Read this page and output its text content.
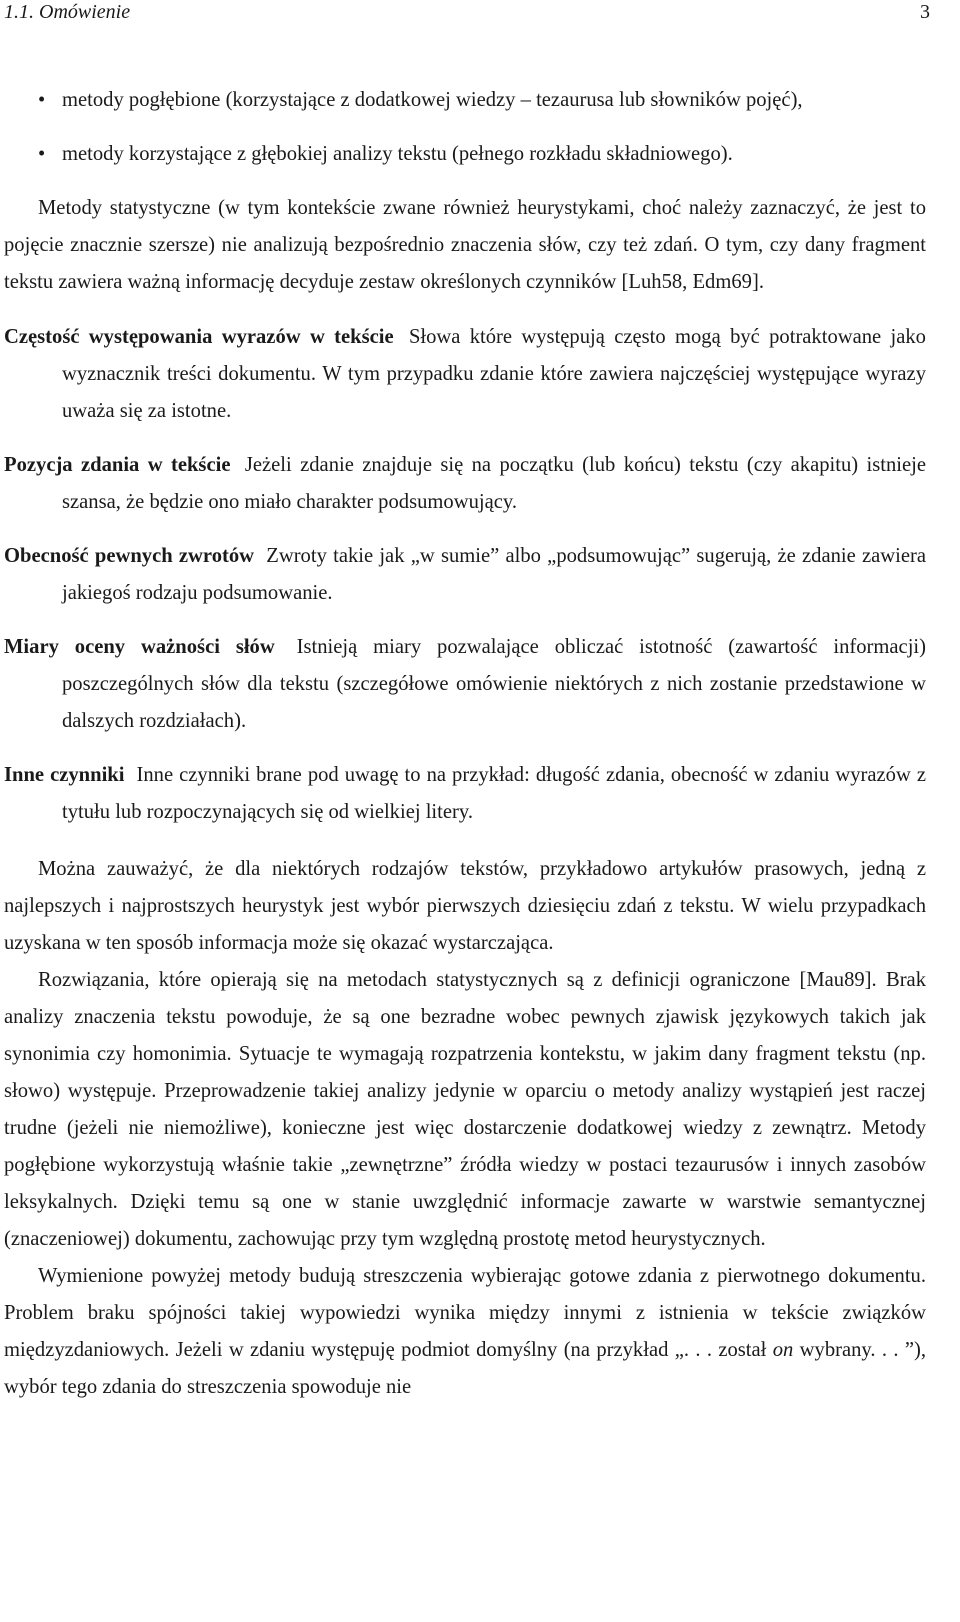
1.1. Omówienie	3
• metody pogłębione (korzystające z dodatkowej wiedzy – tezaurusa lub słowników pojęć),
• metody korzystające z głębokiej analizy tekstu (pełnego rozkładu składniowego).

Metody statystyczne (w tym kontekście zwane również heurystykami, choć należy zaznaczyć, że jest to pojęcie znacznie szersze) nie analizują bezpośrednio znaczenia słów, czy też zdań. O tym, czy dany fragment tekstu zawiera ważną informację decyduje zestaw określonych czynników [Luh58, Edm69].

Częstość występowania wyrazów w tekście Słowa które występują często mogą być potraktowane jako wyznacznik treści dokumentu. W tym przypadku zdanie które zawiera najczęściej występujące wyrazy uważa się za istotne.
Pozycja zdania w tekście Jeżeli zdanie znajduje się na początku (lub końcu) tekstu (czy akapitu) istnieje szansa, że będzie ono miało charakter podsumowujący.
Obecność pewnych zwrotów Zwroty takie jak „w sumie” albo „podsumowując” sugerują, że zdanie zawiera jakiegoś rodzaju podsumowanie.
Miary oceny ważności słów Istnieją miary pozwalające obliczać istotność (zawartość informacji) poszczególnych słów dla tekstu (szczegółowe omówienie niektórych z nich zostanie przedstawione w dalszych rozdziałach).
Inne czynniki Inne czynniki brane pod uwagę to na przykład: długość zdania, obecność w zdaniu wyrazów z tytułu lub rozpoczynających się od wielkiej litery.

Można zauważyć, że dla niektórych rodzajów tekstów, przykładowo artykułów prasowych, jedną z najlepszych i najprostszych heurystyk jest wybór pierwszych dziesięciu zdań z tekstu. W wielu przypadkach uzyskana w ten sposób informacja może się okazać wystarczająca.

Rozwiązania, które opierają się na metodach statystycznych są z definicji ograniczone [Mau89]. Brak analizy znaczenia tekstu powoduje, że są one bezradne wobec pewnych zjawisk językowych takich jak synonimia czy homonimia. Sytuacje te wymagają rozpatrzenia kontekstu, w jakim dany fragment tekstu (np. słowo) występuje. Przeprowadzenie takiej analizy jedynie w oparciu o metody analizy wystąpień jest raczej trudne (jeżeli nie niemożliwe), konieczne jest więc dostarczenie dodatkowej wiedzy z zewnątrz. Metody pogłębione wykorzystują właśnie takie „zewnętrzne” źródła wiedzy w postaci tezaurusów i innych zasobów leksykalnych. Dzięki temu są one w stanie uwzględnić informacje zawarte w warstwie semantycznej (znaczeniowej) dokumentu, zachowując przy tym względną prostotę metod heurystycznych.

Wymienione powyżej metody budują streszczenia wybierając gotowe zdania z pierwotnego dokumentu. Problem braku spójności takiej wypowiedzi wynika między innymi z istnienia w tekście związków międzyzdaniowych. Jeżeli w zdaniu występuję podmiot domyślny (na przykład „. . . został on wybrany. . . ”), wybór tego zdania do streszczenia spowoduje nie
